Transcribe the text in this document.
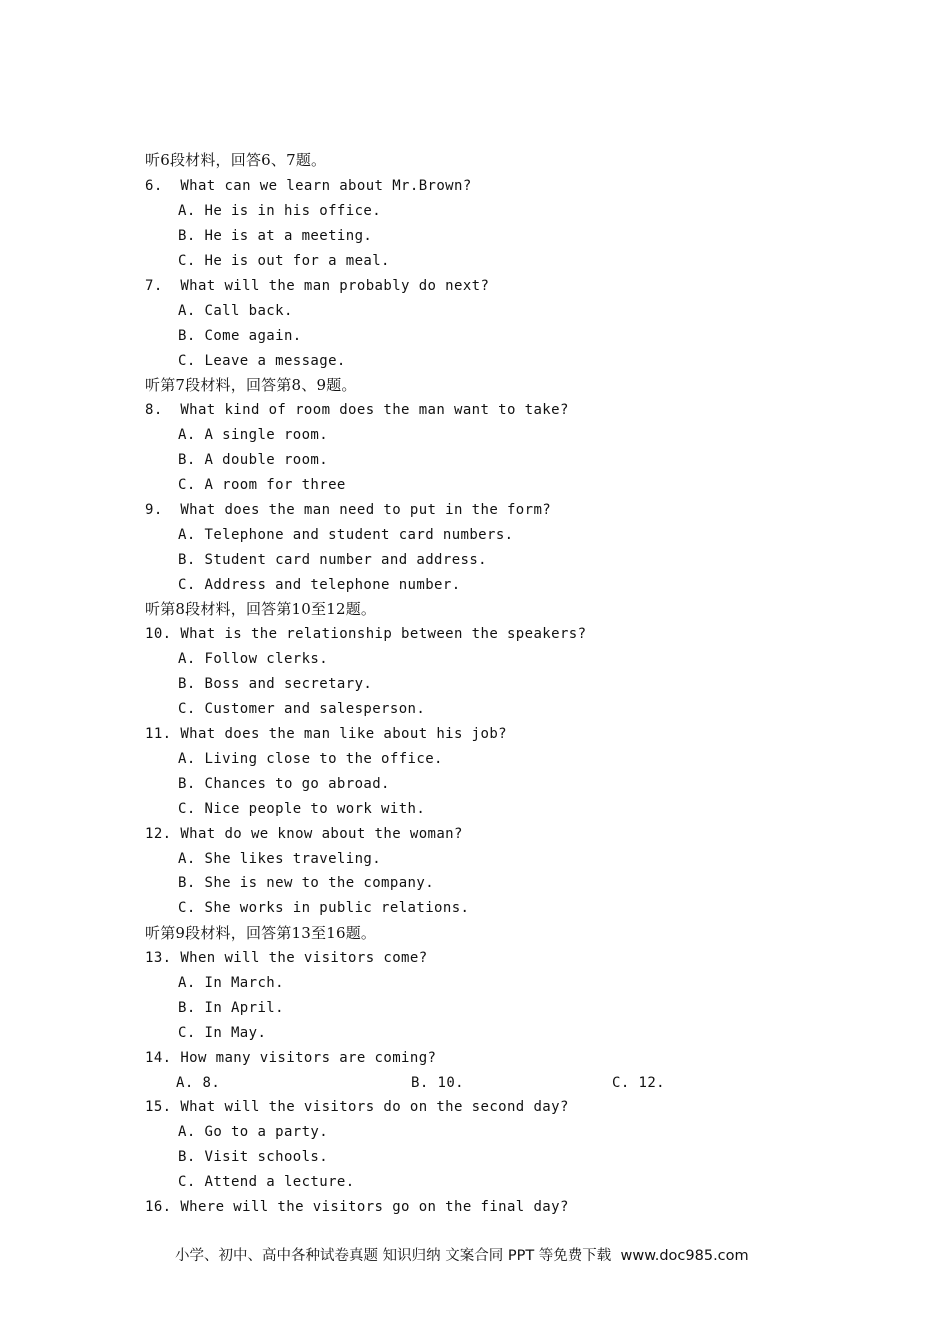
听6段材料，回答6、7题。
6.  What can we learn about Mr.Brown?
A. He is in his office.
B. He is at a meeting.
C. He is out for a meal.
7.  What will the man probably do next?
A. Call back.
B. Come again.
C. Leave a message.
听第7段材料，回答第8、9题。
8.  What kind of room does the man want to take?
A. A single room.
B. A double room.
C. A room for three
9.  What does the man need to put in the form?
A. Telephone and student card numbers.
B. Student card number and address.
C. Address and telephone number.
听第8段材料，回答第10至12题。
10. What is the relationship between the speakers?
A. Follow clerks.
B. Boss and secretary.
C. Customer and salesperson.
11. What does the man like about his job?
A. Living close to the office.
B. Chances to go abroad.
C. Nice people to work with.
12. What do we know about the woman?
A. She likes traveling.
B. She is new to the company.
C. She works in public relations.
听第9段材料，回答第13至16题。
13. When will the visitors come?
A. In March.
B. In April.
C. In May.
14. How many visitors are coming?
A. 8.	B. 10.	C. 12.
15. What will the visitors do on the second day?
A. Go to a party.
B. Visit schools.
C. Attend a lecture.
16. Where will the visitors go on the final day?
小学、初中、高中各种试卷真题 知识归纳 文案合同 PPT 等免费下载  www.doc985.com
